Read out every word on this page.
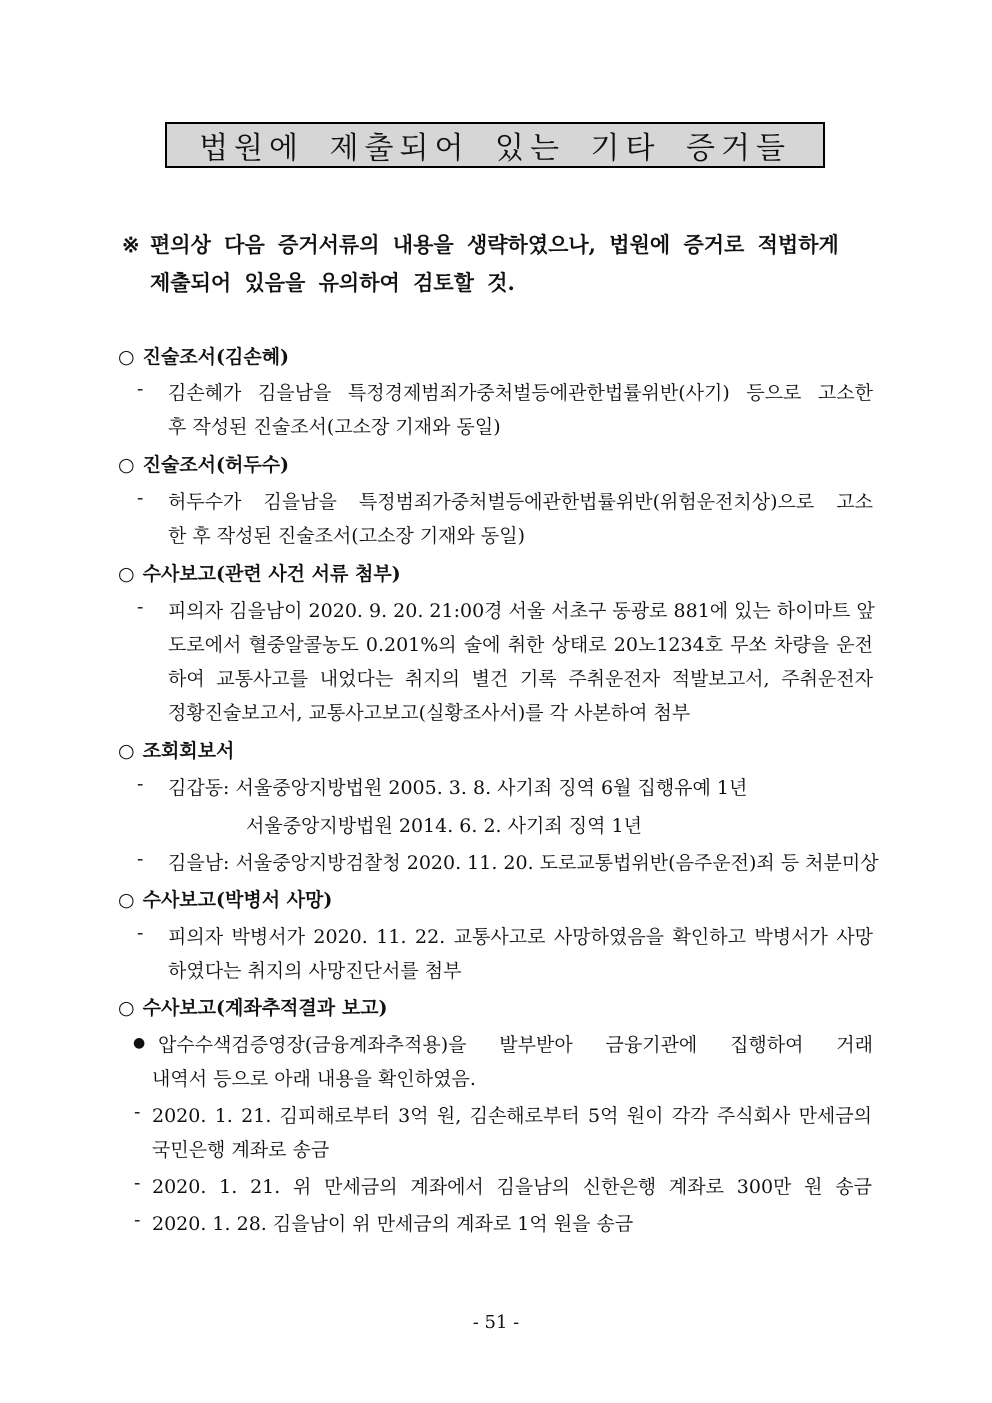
법원에 제출되어 있는 기타 증거들
※ 편의상 다음 증거서류의 내용을 생략하였으나, 법원에 증거로 적법하게
제출되어 있음을 유의하여 검토할 것.
○ 진술조서(김손혜)
- 김손혜가 김을남을 특정경제범죄가중처벌등에관한법률위반(사기) 등으로 고소한
후 작성된 진술조서(고소장 기재와 동일)
○ 진술조서(허두수)
- 허두수가 김을남을 특정범죄가중처벌등에관한법률위반(위험운전치상)으로 고소
한 후 작성된 진술조서(고소장 기재와 동일)
○ 수사보고(관련 사건 서류 첨부)
- 피의자 김을남이 2020. 9. 20. 21:00경 서울 서초구 동광로 881에 있는 하이마트 앞
도로에서 혈중알콜농도 0.201%의 술에 취한 상태로 20노1234호 무쏘 차량을 운전
하여 교통사고를 내었다는 취지의 별건 기록 주취운전자 적발보고서, 주취운전자
정황진술보고서, 교통사고보고(실황조사서)를 각 사본하여 첨부
○ 조회회보서
- 김갑동: 서울중앙지방법원 2005. 3. 8. 사기죄 징역 6월 집행유예 1년
서울중앙지방법원 2014. 6. 2. 사기죄 징역 1년
- 김을남: 서울중앙지방검찰청 2020. 11. 20. 도로교통법위반(음주운전)죄 등 처분미상
○ 수사보고(박병서 사망)
- 피의자 박병서가 2020. 11. 22. 교통사고로 사망하였음을 확인하고 박병서가 사망
하였다는 취지의 사망진단서를 첨부
○ 수사보고(계좌추적결과 보고)
● 압수수색검증영장(금융계좌추적용)을 발부받아 금융기관에 집행하여 거래
내역서 등으로 아래 내용을 확인하였음.
- 2020. 1. 21. 김피해로부터 3억 원, 김손해로부터 5억 원이 각각 주식회사 만세금의
국민은행 계좌로 송금
- 2020. 1. 21. 위 만세금의 계좌에서 김을남의 신한은행 계좌로 300만 원 송금
- 2020. 1. 28. 김을남이 위 만세금의 계좌로 1억 원을 송금
- 51 -
